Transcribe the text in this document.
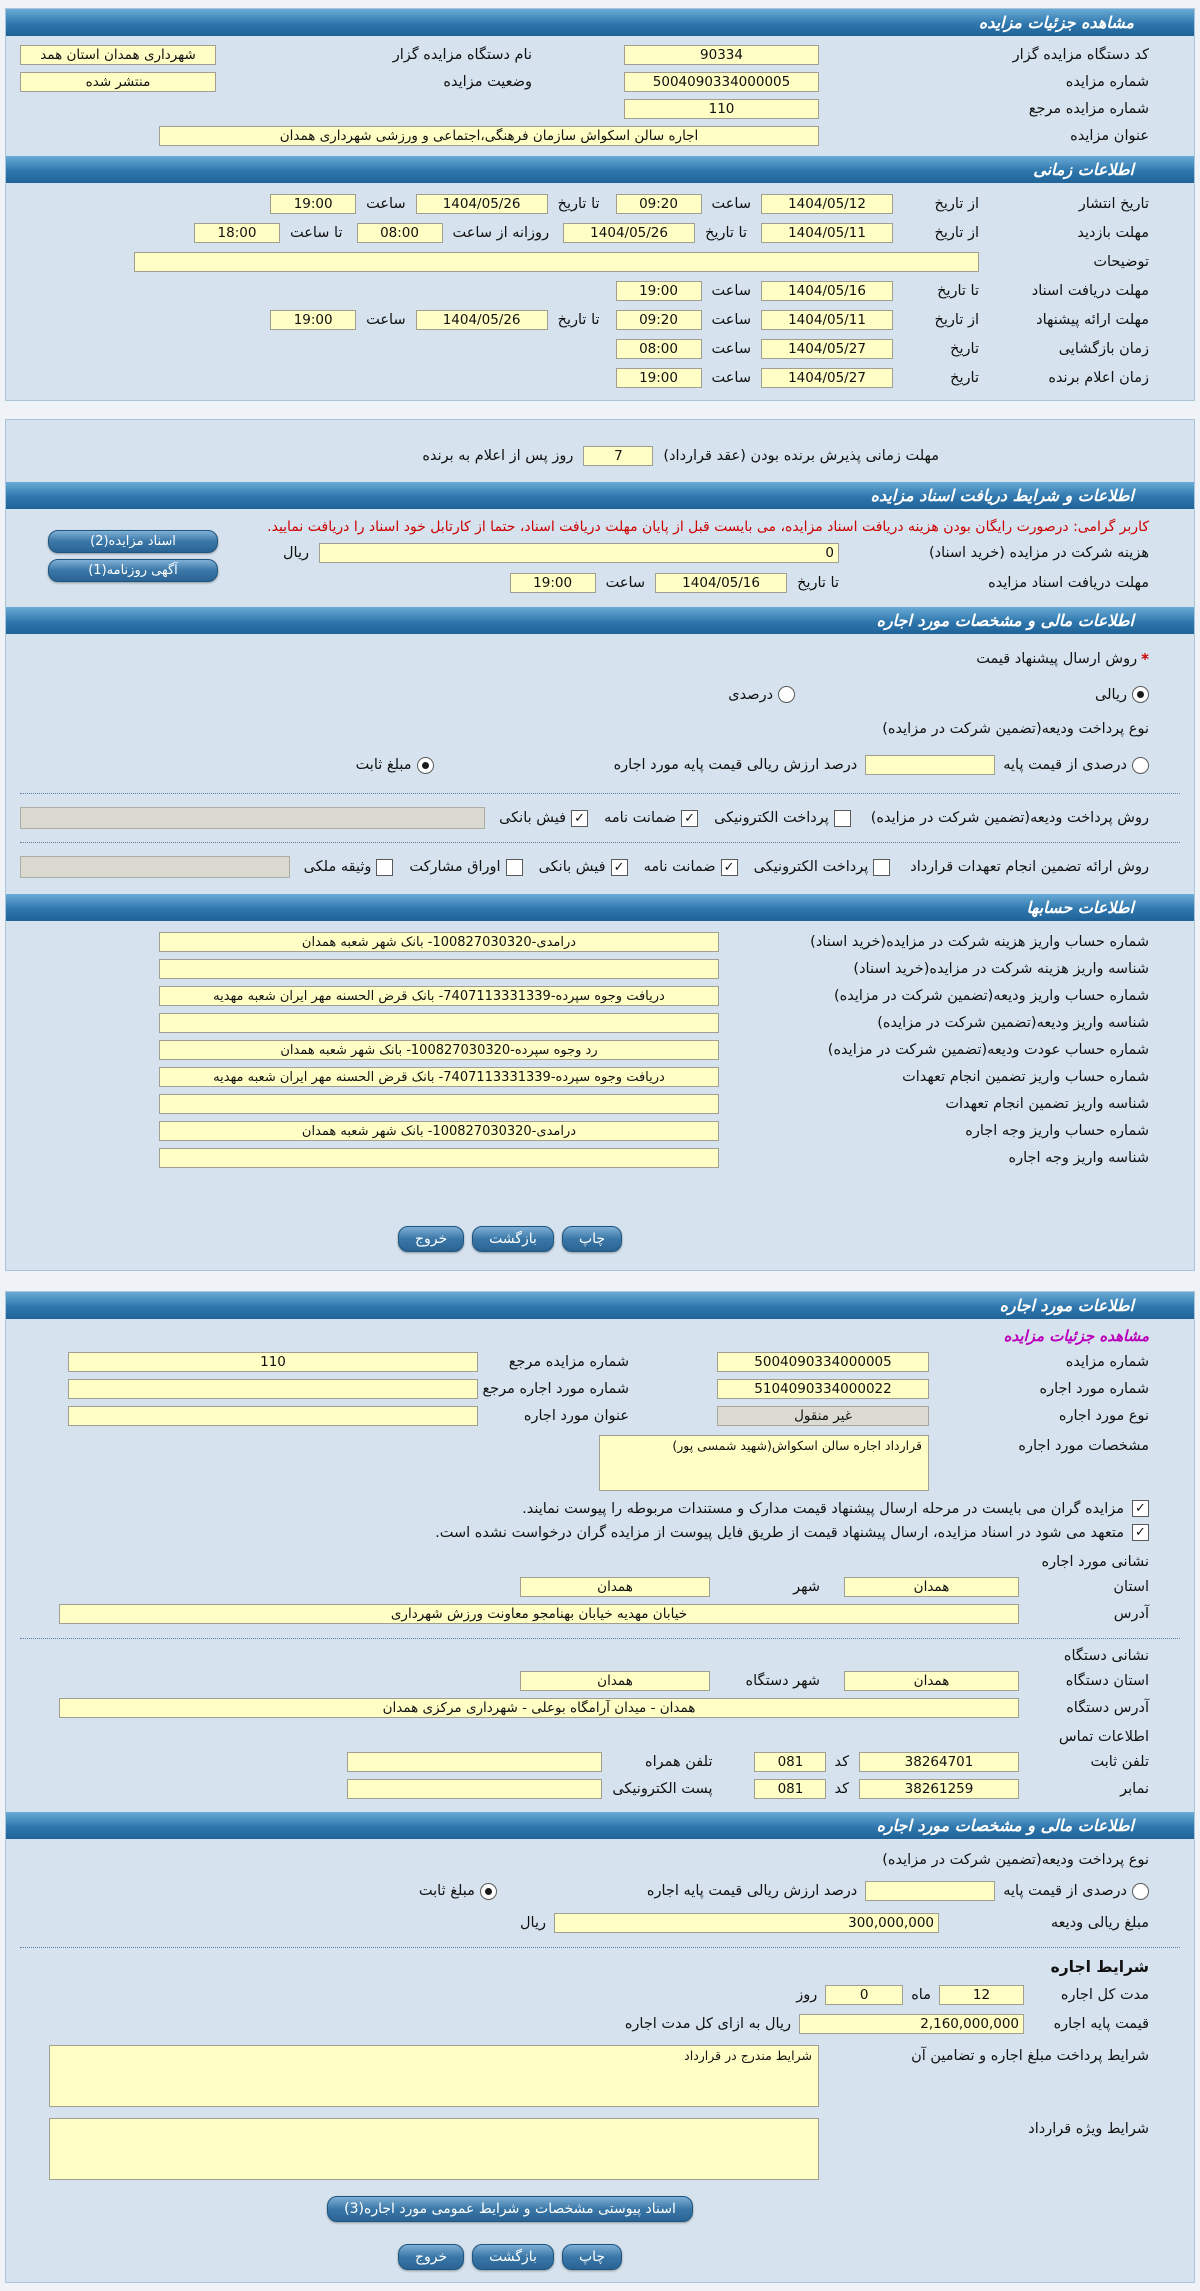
مشاهده جزئیات مزایده
کد دستگاه مزایده گزار
90334
نام دستگاه مزایده گزار
شهرداری همدان استان همد
شماره مزایده
5004090334000005
وضعیت مزایده
منتشر شده
شماره مزایده مرجع
110
عنوان مزایده
اجاره سالن اسکواش سازمان فرهنگی،اجتماعی و ورزشی شهرداری همدان
اطلاعات زمانی
تاریخ انتشار
از تاریخ
1404/05/12
ساعت
09:20
تا تاریخ
1404/05/26
ساعت
19:00
مهلت بازدید
از تاریخ
1404/05/11
تا تاریخ
1404/05/26
روزانه از ساعت
08:00
تا ساعت
18:00
توضیحات
مهلت دریافت اسناد
تا تاریخ
1404/05/16
ساعت
19:00
مهلت ارائه پیشنهاد
از تاریخ
1404/05/11
ساعت
09:20
تا تاریخ
1404/05/26
ساعت
19:00
زمان بازگشایی
تاریخ
1404/05/27
ساعت
08:00
زمان اعلام برنده
تاریخ
1404/05/27
ساعت
19:00
مهلت زمانی پذیرش برنده بودن (عقد قرارداد)
7
روز پس از اعلام به برنده
اطلاعات و شرایط دریافت اسناد مزایده
اسناد مزایده(2)
آگهی روزنامه(1)
کاربر گرامی: درصورت رایگان بودن هزینه دریافت اسناد مزایده، می بایست قبل از پایان مهلت دریافت اسناد، حتما از کارتابل خود اسناد را دریافت نمایید.
هزینه شرکت در مزایده (خرید اسناد)
0
ریال
مهلت دریافت اسناد مزایده
تا تاریخ
1404/05/16
ساعت
19:00
اطلاعات مالی و مشخصات مورد اجاره
*
روش ارسال پیشنهاد قیمت
ریالی
درصدی
نوع پرداخت ودیعه(تضمین شرکت در مزایده)
درصدی از قیمت پایه
درصد ارزش ریالی قیمت پایه مورد اجاره
مبلغ ثابت
روش پرداخت ودیعه(تضمین شرکت در مزایده)
پرداخت الکترونیکی
✓
ضمانت نامه
✓
فیش بانکی
روش ارائه تضمین انجام تعهدات قرارداد
پرداخت الکترونیکی
✓
ضمانت نامه
✓
فیش بانکی
اوراق مشارکت
وثیقه ملکی
اطلاعات حسابها
شماره حساب واریز هزینه شرکت در مزایده(خرید اسناد)
درآمدی-100827030320- بانک شهر شعبه همدان
شناسه واریز هزینه شرکت در مزایده(خرید اسناد)
شماره حساب واریز ودیعه(تضمین شرکت در مزایده)
دریافت وجوه سپرده-7407113331339- بانک قرض الحسنه مهر ایران شعبه مهدیه
شناسه واریز ودیعه(تضمین شرکت در مزایده)
شماره حساب عودت ودیعه(تضمین شرکت در مزایده)
رد وجوه سپرده-100827030320- بانک شهر شعبه همدان
شماره حساب واریز تضمین انجام تعهدات
دریافت وجوه سپرده-7407113331339- بانک قرض الحسنه مهر ایران شعبه مهدیه
شناسه واریز تضمین انجام تعهدات
شماره حساب واریز وجه اجاره
درآمدی-100827030320- بانک شهر شعبه همدان
شناسه واریز وجه اجاره
چاپ
بازگشت
خروج
اطلاعات مورد اجاره
مشاهده جزئیات مزایده
شماره مزایده
5004090334000005
شماره مزایده مرجع
110
شماره مورد اجاره
5104090334000022
شماره مورد اجاره مرجع
نوع مورد اجاره
غیر منقول
عنوان مورد اجاره
مشخصات مورد اجاره
قرارداد اجاره سالن اسکواش(شهید شمسی پور)
✓
مزایده گران می بایست در مرحله ارسال پیشنهاد قیمت مدارک و مستندات مربوطه را پیوست نمایند.
✓
متعهد می شود در اسناد مزایده، ارسال پیشنهاد قیمت از طریق فایل پیوست از مزایده گران درخواست نشده است.
نشانی مورد اجاره
استان
همدان
شهر
همدان
آدرس
خیابان مهدیه خیابان بهنامجو معاونت ورزش شهرداری
نشانی دستگاه
استان دستگاه
همدان
شهر دستگاه
همدان
آدرس دستگاه
همدان - میدان آرامگاه بوعلی - شهرداری مرکزی همدان
اطلاعات تماس
تلفن ثابت
38264701
کد
081
تلفن همراه
نمابر
38261259
کد
081
پست الکترونیکی
اطلاعات مالی و مشخصات مورد اجاره
نوع پرداخت ودیعه(تضمین شرکت در مزایده)
درصدی از قیمت پایه
درصد ارزش ریالی قیمت پایه اجاره
مبلغ ثابت
مبلغ ریالی ودیعه
300,000,000
ریال
شرایط اجاره
مدت کل اجاره
12
ماه
0
روز
قیمت پایه اجاره
2,160,000,000
ریال به ازای کل مدت اجاره
شرایط پرداخت مبلغ اجاره و تضامین آن
شرایط مندرج در قرارداد
شرایط ویژه قرارداد
اسناد پیوستی مشخصات و شرایط عمومی مورد اجاره(3)
چاپ
بازگشت
خروج
